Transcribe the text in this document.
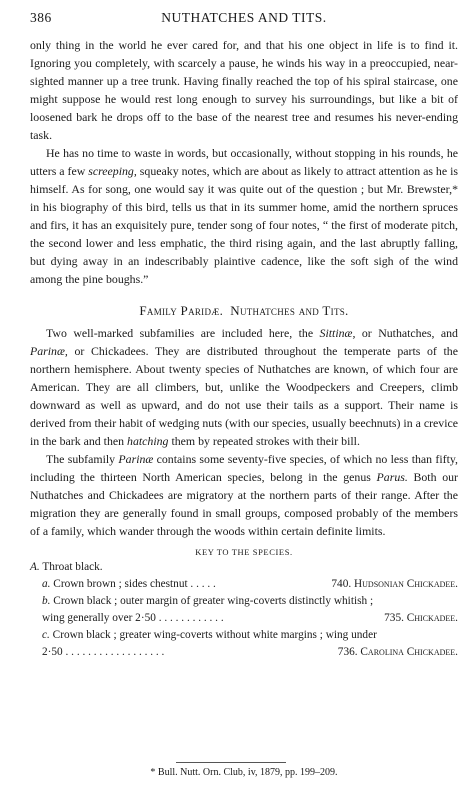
386	NUTHATCHES AND TITS.

only thing in the world he ever cared for, and that his one object in life is to find it. Ignoring you completely, with scarcely a pause, he winds his way in a preoccupied, near-sighted manner up a tree trunk. Having finally reached the top of his spiral staircase, one might suppose he would rest long enough to survey his surroundings, but like a bit of loosened bark he drops off to the base of the nearest tree and resumes his never-ending task.

He has no time to waste in words, but occasionally, without stopping in his rounds, he utters a few screeping, squeaky notes, which are about as likely to attract attention as he is himself. As for song, one would say it was quite out of the question ; but Mr. Brewster,* in his biography of this bird, tells us that in its summer home, amid the northern spruces and firs, it has an exquisitely pure, tender song of four notes, “ the first of moderate pitch, the second lower and less emphatic, the third rising again, and the last abruptly falling, but dying away in an indescribably plaintive cadence, like the soft sigh of the wind among the pine boughs.”

Family Paridæ. Nuthatches and Tits.

Two well-marked subfamilies are included here, the Sittinæ, or Nuthatches, and Parinæ, or Chickadees. They are distributed throughout the temperate parts of the northern hemisphere. About twenty species of Nuthatches are known, of which four are American. They are all climbers, but, unlike the Woodpeckers and Creepers, climb downward as well as upward, and do not use their tails as a support. Their name is derived from their habit of wedging nuts (with our species, usually beechnuts) in a crevice in the bark and then hatching them by repeated strokes with their bill.

The subfamily Parinæ contains some seventy-five species, of which no less than fifty, including the thirteen North American species, belong in the genus Parus. Both our Nuthatches and Chickadees are migratory at the northern parts of their range. After the migration they are generally found in small groups, composed probably of the members of a family, which wander through the woods within certain definite limits.

KEY TO THE SPECIES.
A. Throat black.
a. Crown brown ; sides chestnut . . . . .	740. Hudsonian Chickadee.
b. Crown black ; outer margin of greater wing-coverts distinctly whitish ;
wing generally over 2·50 . . . . . . . . . . . .	735. Chickadee.
c. Crown black ; greater wing-coverts without white margins ; wing under
2·50 . . . . . . . . . . . . . . . . . .	736. Carolina Chickadee.
* Bull. Nutt. Orn. Club, iv, 1879, pp. 199–209.
